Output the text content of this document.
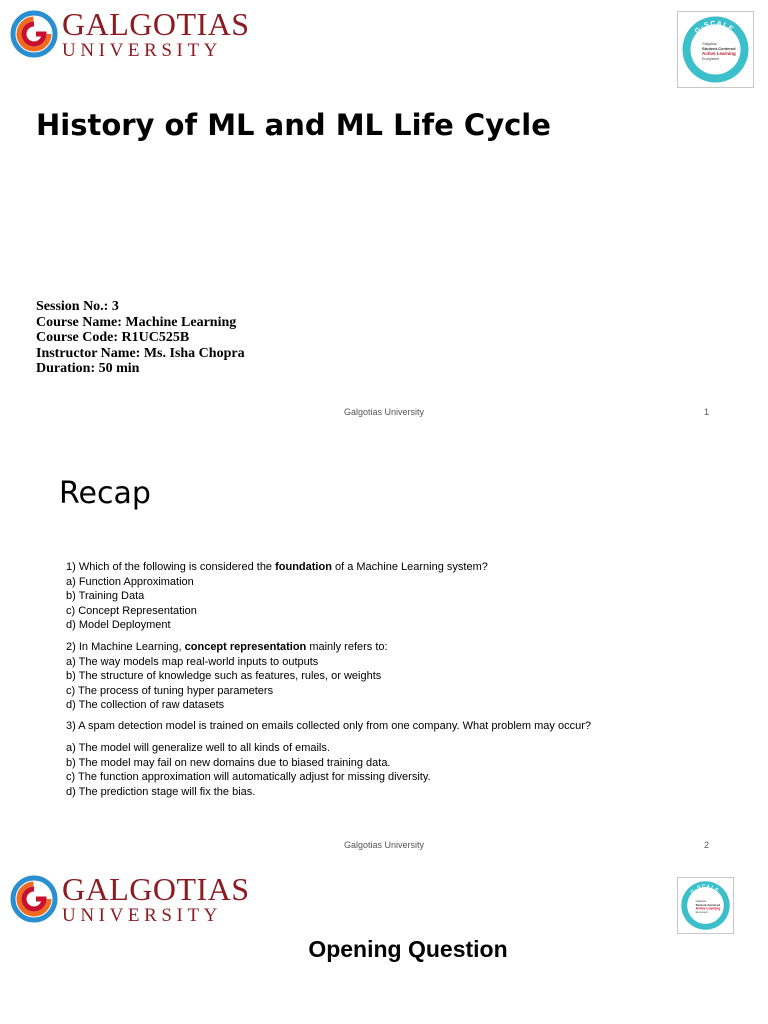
GALGOTIAS
UNIVERSITY
G-SCALE
Galgotias
Student-Centered
Active Learning
Ecosystem
History of ML and ML Life Cycle
Session No.: 3
Course Name: Machine Learning
Course Code: R1UC525B
Instructor Name: Ms. Isha Chopra
Duration: 50 min
Galgotias University	1
Recap
1) Which of the following is considered the foundation of a Machine Learning system?
a) Function Approximation
b) Training Data
c) Concept Representation
d) Model Deployment
2) In Machine Learning, concept representation mainly refers to:
a) The way models map real-world inputs to outputs
b) The structure of knowledge such as features, rules, or weights
c) The process of tuning hyper parameters
d) The collection of raw datasets
3) A spam detection model is trained on emails collected only from one company. What problem may occur?
a) The model will generalize well to all kinds of emails.
b) The model may fail on new domains due to biased training data.
c) The function approximation will automatically adjust for missing diversity.
d) The prediction stage will fix the bias.
Galgotias University	2
GALGOTIAS
UNIVERSITY
G-SCALE
Galgotias
Student-Centered
Active Learning
Ecosystem
Opening Question
